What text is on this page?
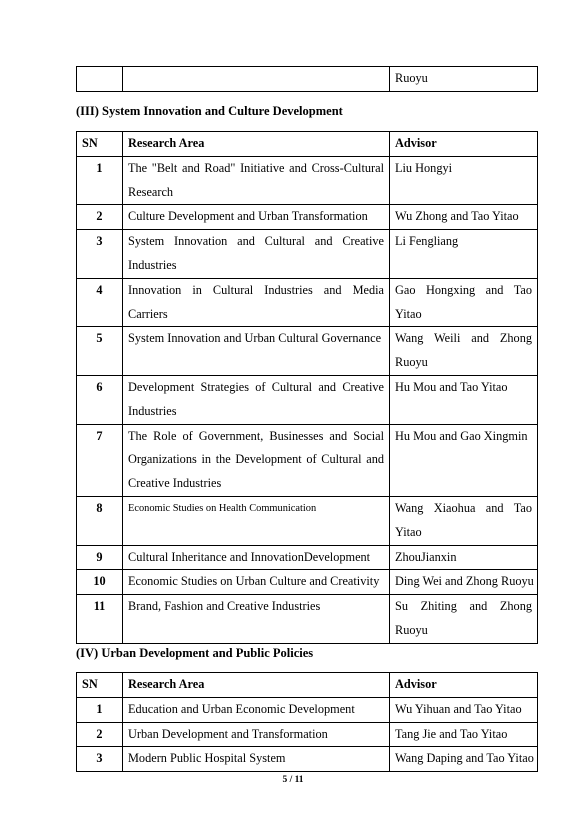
		Ruoyu
(III) System Innovation and Culture Development
SN	Research Area	Advisor
1	The "Belt and Road" Initiative and Cross-Cultural Research	Liu Hongyi
2	Culture Development and Urban Transformation	Wu Zhong and Tao Yitao
3	System Innovation and Cultural and Creative Industries	Li Fengliang
4	Innovation in Cultural Industries and Media Carriers	Gao Hongxing and Tao Yitao
5	System Innovation and Urban Cultural Governance	Wang Weili and Zhong Ruoyu
6	Development Strategies of Cultural and Creative Industries	Hu Mou and Tao Yitao
7	The Role of Government, Businesses and Social Organizations in the Development of Cultural and Creative Industries	Hu Mou and Gao Xingmin
8	Economic Studies on Health Communication	Wang Xiaohua and Tao Yitao
9	Cultural Inheritance and InnovationDevelopment	ZhouJianxin
10	Economic Studies on Urban Culture and Creativity	Ding Wei and Zhong Ruoyu
11	Brand, Fashion and Creative Industries	Su Zhiting and Zhong Ruoyu
(IV) Urban Development and Public Policies
SN	Research Area	Advisor
1	Education and Urban Economic Development	Wu Yihuan and Tao Yitao
2	Urban Development and Transformation	Tang Jie and Tao Yitao
3	Modern Public Hospital System	Wang Daping and Tao Yitao
5 / 11
